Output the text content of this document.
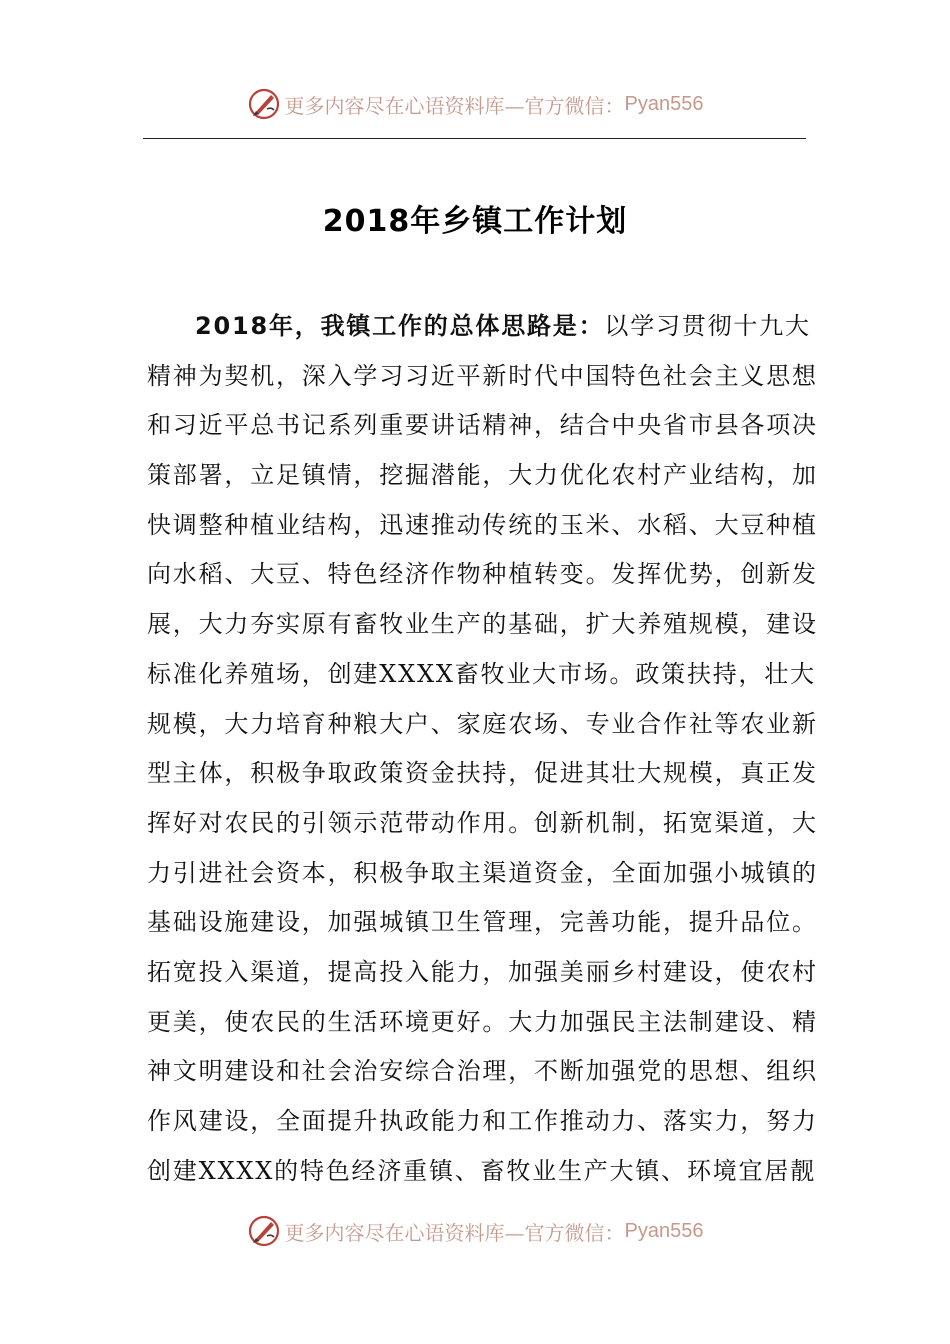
更多内容尽在心语资料库—官方微信： Pyan556
2018年乡镇工作计划
2018年，我镇工作的总体思路是：以学习贯彻十九大
精神为契机，深入学习习近平新时代中国特色社会主义思想
和习近平总书记系列重要讲话精神，结合中央省市县各项决
策部署，立足镇情，挖掘潜能，大力优化农村产业结构，加
快调整种植业结构，迅速推动传统的玉米、水稻、大豆种植
向水稻、大豆、特色经济作物种植转变。发挥优势，创新发
展，大力夯实原有畜牧业生产的基础，扩大养殖规模，建设
标准化养殖场，创建XXXX畜牧业大市场。政策扶持，壮大
规模，大力培育种粮大户、家庭农场、专业合作社等农业新
型主体，积极争取政策资金扶持，促进其壮大规模，真正发
挥好对农民的引领示范带动作用。创新机制，拓宽渠道，大
力引进社会资本，积极争取主渠道资金，全面加强小城镇的
基础设施建设，加强城镇卫生管理，完善功能，提升品位。
拓宽投入渠道，提高投入能力，加强美丽乡村建设，使农村
更美，使农民的生活环境更好。大力加强民主法制建设、精
神文明建设和社会治安综合治理，不断加强党的思想、组织
作风建设，全面提升执政能力和工作推动力、落实力，努力
创建XXXX的特色经济重镇、畜牧业生产大镇、环境宜居靓
更多内容尽在心语资料库—官方微信： Pyan556
